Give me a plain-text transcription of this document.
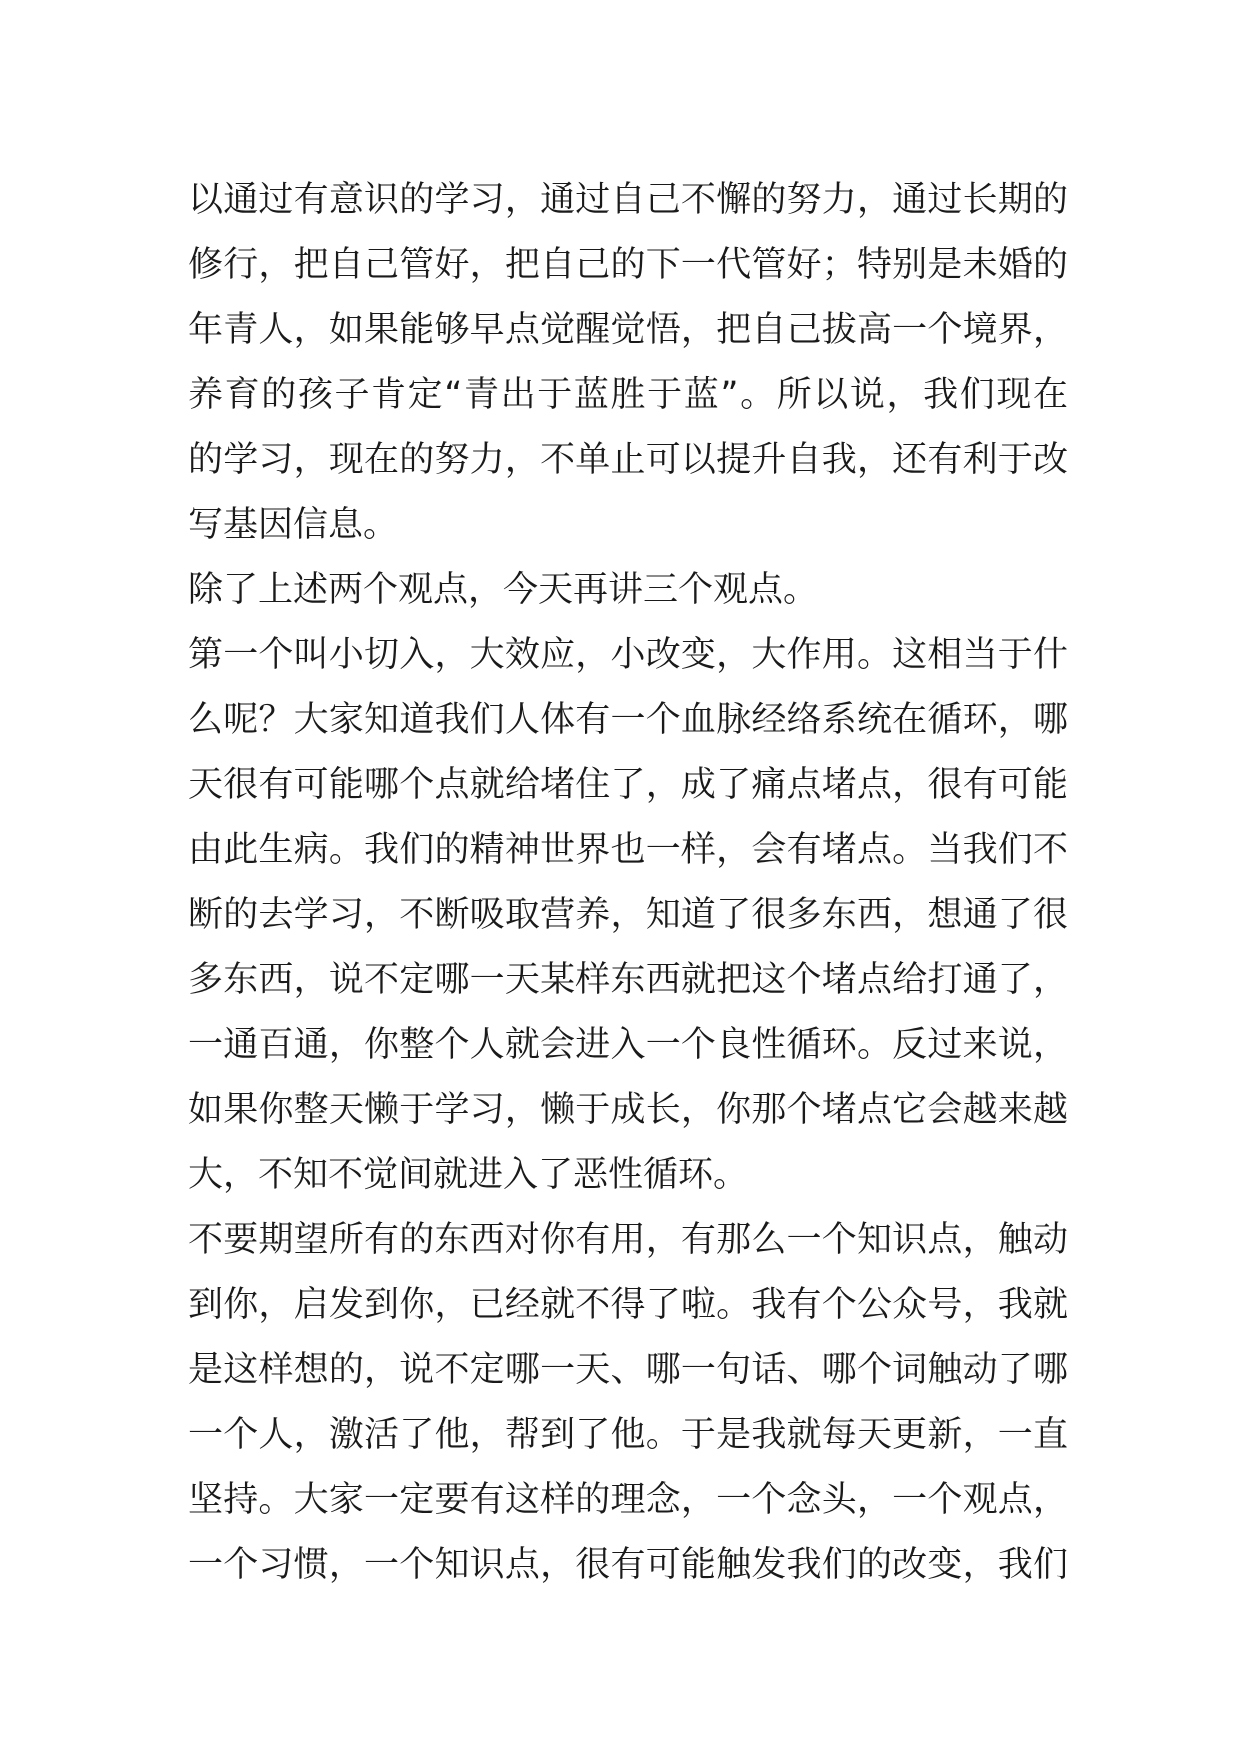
以通过有意识的学习，通过自己不懈的努力，通过长期的
修行，把自己管好，把自己的下一代管好；特别是未婚的
年青人，如果能够早点觉醒觉悟，把自己拔高一个境界，
养育的孩子肯定“青出于蓝胜于蓝”。所以说，我们现在
的学习，现在的努力，不单止可以提升自我，还有利于改
写基因信息。
除了上述两个观点，今天再讲三个观点。
第一个叫小切入，大效应，小改变，大作用。这相当于什
么呢？大家知道我们人体有一个血脉经络系统在循环，哪
天很有可能哪个点就给堵住了，成了痛点堵点，很有可能
由此生病。我们的精神世界也一样，会有堵点。当我们不
断的去学习，不断吸取营养，知道了很多东西，想通了很
多东西，说不定哪一天某样东西就把这个堵点给打通了，
一通百通，你整个人就会进入一个良性循环。反过来说，
如果你整天懒于学习，懒于成长，你那个堵点它会越来越
大，不知不觉间就进入了恶性循环。
不要期望所有的东西对你有用，有那么一个知识点，触动
到你，启发到你，已经就不得了啦。我有个公众号，我就
是这样想的，说不定哪一天、哪一句话、哪个词触动了哪
一个人，激活了他，帮到了他。于是我就每天更新，一直
坚持。大家一定要有这样的理念，一个念头，一个观点，
一个习惯，一个知识点，很有可能触发我们的改变，我们
